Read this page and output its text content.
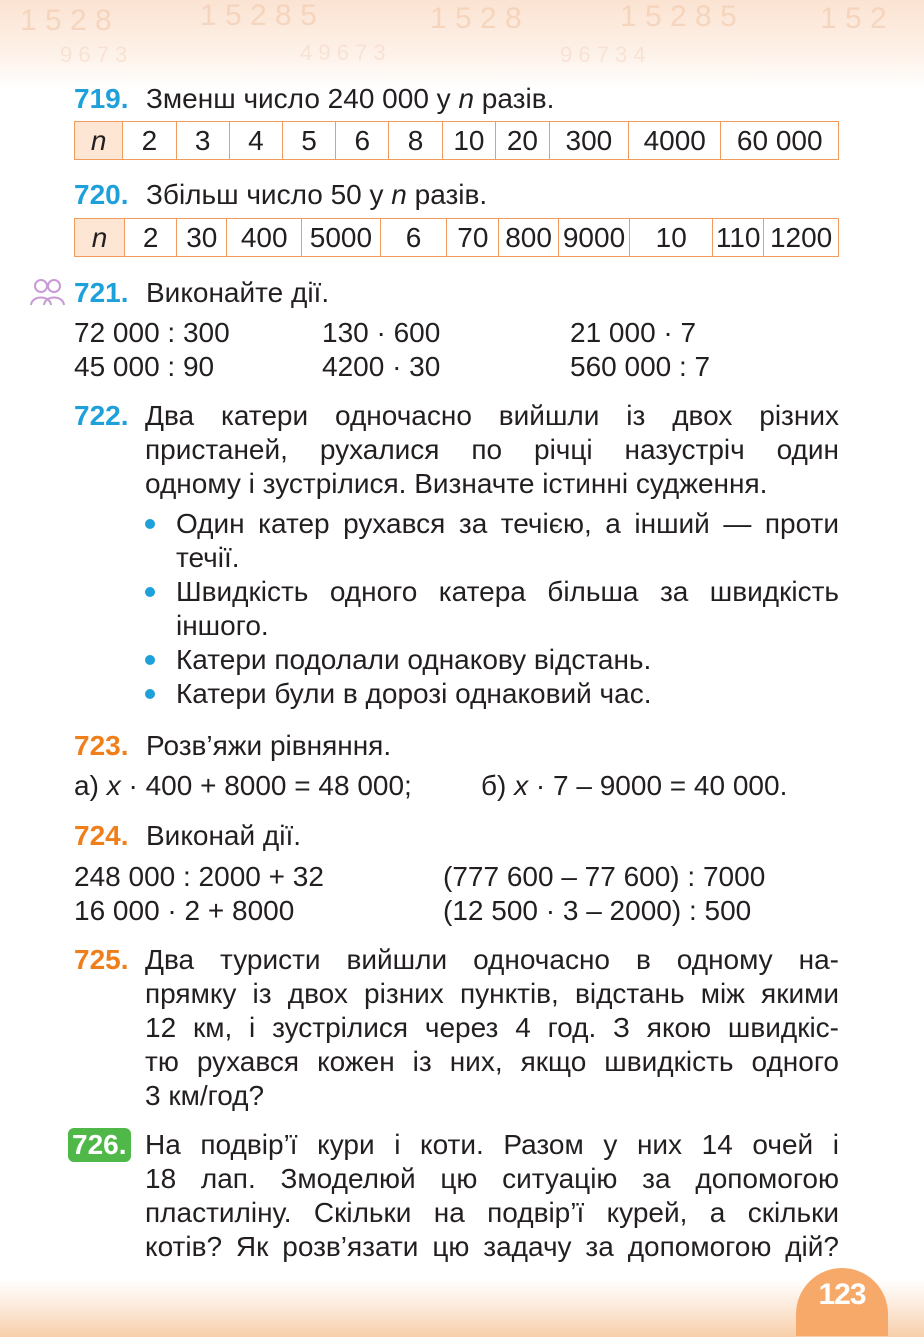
1 5 2 8	1 5 2 8 5	1 5 2 8	1 5 2 8 5	1 5 2
9 6 7 3	4 9 6 7 3	9 6 7 3 4
719. Зменш число 240 000 у n разів.
n	2	3	4	5	6	8	10	20	300	4000	60 000
720. Збільш число 50 у n разів.
n	2	30	400	5000	6	70	800	9000	10	110	1200
721. Виконайте дії.
72 000 : 300	130 · 600	21 000 · 7
45 000 : 90	4200 · 30	560 000 : 7
722. Два катери одночасно вийшли із двох різних
пристаней, рухалися по річці назустріч один
одному і зустрілися. Визначте істинні судження.
Один катер рухався за течією, а інший — проти
течії.
Швидкість одного катера більша за швидкість
іншого.
Катери подолали однакову відстань.
Катери були в дорозі однаковий час.
723. Розв’яжи рівняння.
а) x · 400 + 8000 = 48 000; б) x · 7 – 9000 = 40 000.
724. Виконай дії.
248 000 : 2000 + 32	(777 600 – 77 600) : 7000
16 000 · 2 + 8000	(12 500 · 3 – 2000) : 500
725. Два туристи вийшли одночасно в одному на-
прямку із двох різних пунктів, відстань між якими
12 км, і зустрілися через 4 год. З якою швидкіс-
тю рухався кожен із них, якщо швидкість одного
3 км/год?
726. На подвір’ї кури і коти. Разом у них 14 очей і
18 лап. Змоделюй цю ситуацію за допомогою
пластиліну. Скільки на подвір’ї курей, а скільки
котів? Як розв’язати цю задачу за допомогою дій?
123
